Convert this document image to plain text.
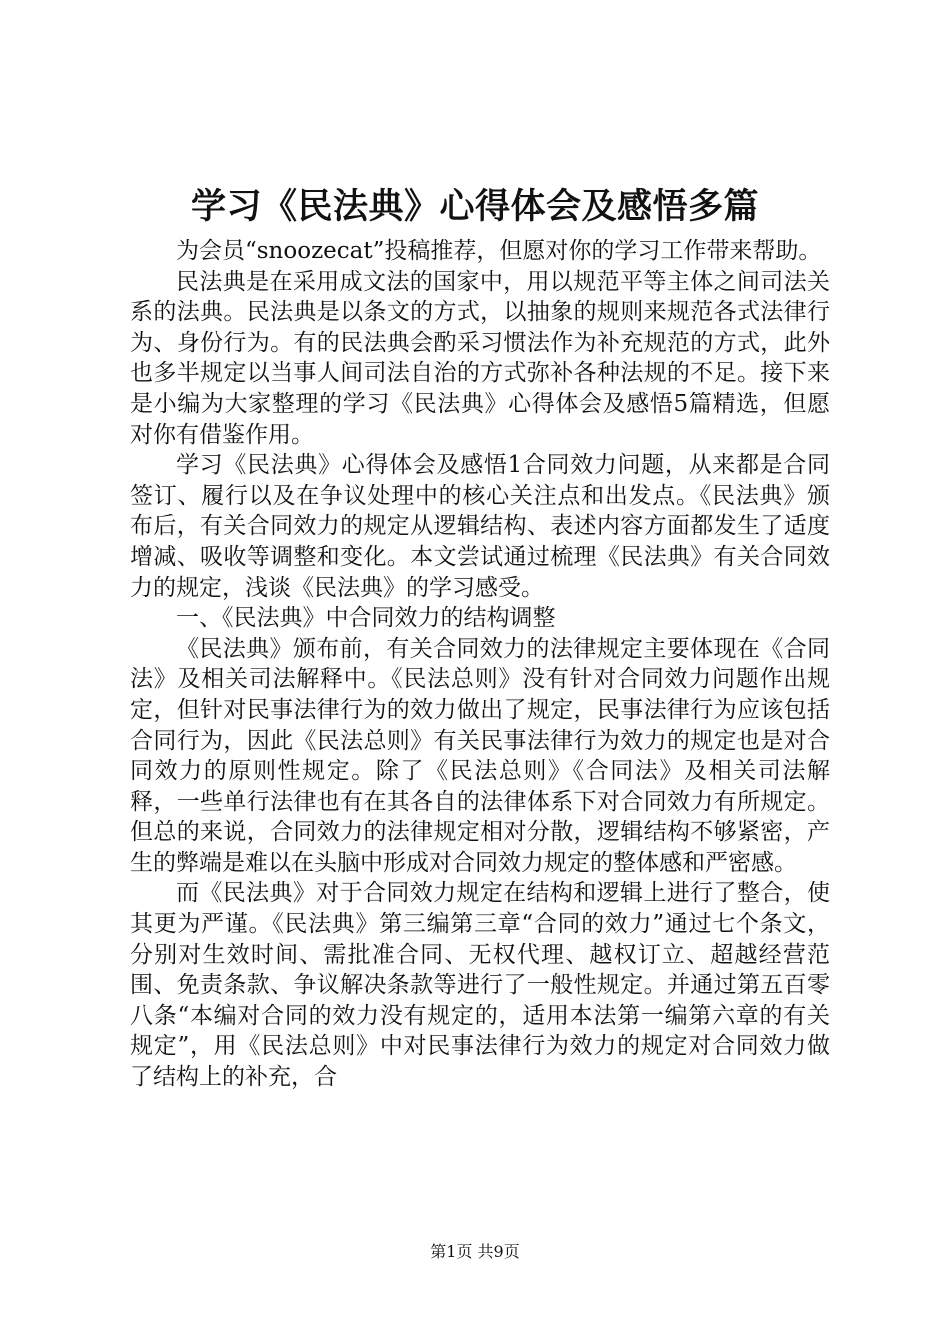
学习《民法典》心得体会及感悟多篇

为会员“snoozecat”投稿推荐，但愿对你的学习工作带来帮助。

民法典是在采用成文法的国家中，用以规范平等主体之间司法关系的法典。民法典是以条文的方式，以抽象的规则来规范各式法律行为、身份行为。有的民法典会酌采习惯法作为补充规范的方式，此外也多半规定以当事人间司法自治的方式弥补各种法规的不足。接下来是小编为大家整理的学习《民法典》心得体会及感悟5篇精选，但愿对你有借鉴作用。

学习《民法典》心得体会及感悟1合同效力问题，从来都是合同签订、履行以及在争议处理中的核心关注点和出发点。《民法典》颁布后，有关合同效力的规定从逻辑结构、表述内容方面都发生了适度增减、吸收等调整和变化。本文尝试通过梳理《民法典》有关合同效力的规定，浅谈《民法典》的学习感受。

一、《民法典》中合同效力的结构调整

《民法典》颁布前，有关合同效力的法律规定主要体现在《合同法》及相关司法解释中。《民法总则》没有针对合同效力问题作出规定，但针对民事法律行为的效力做出了规定，民事法律行为应该包括合同行为，因此《民法总则》有关民事法律行为效力的规定也是对合同效力的原则性规定。除了《民法总则》《合同法》及相关司法解释，一些单行法律也有在其各自的法律体系下对合同效力有所规定。但总的来说，合同效力的法律规定相对分散，逻辑结构不够紧密，产生的弊端是难以在头脑中形成对合同效力规定的整体感和严密感。

而《民法典》对于合同效力规定在结构和逻辑上进行了整合，使其更为严谨。《民法典》第三编第三章“合同的效力”通过七个条文，分别对生效时间、需批准合同、无权代理、越权订立、超越经营范围、免责条款、争议解决条款等进行了一般性规定。并通过第五百零八条“本编对合同的效力没有规定的，适用本法第一编第六章的有关规定”，用《民法总则》中对民事法律行为效力的规定对合同效力做了结构上的补充，合

第1页 共9页
